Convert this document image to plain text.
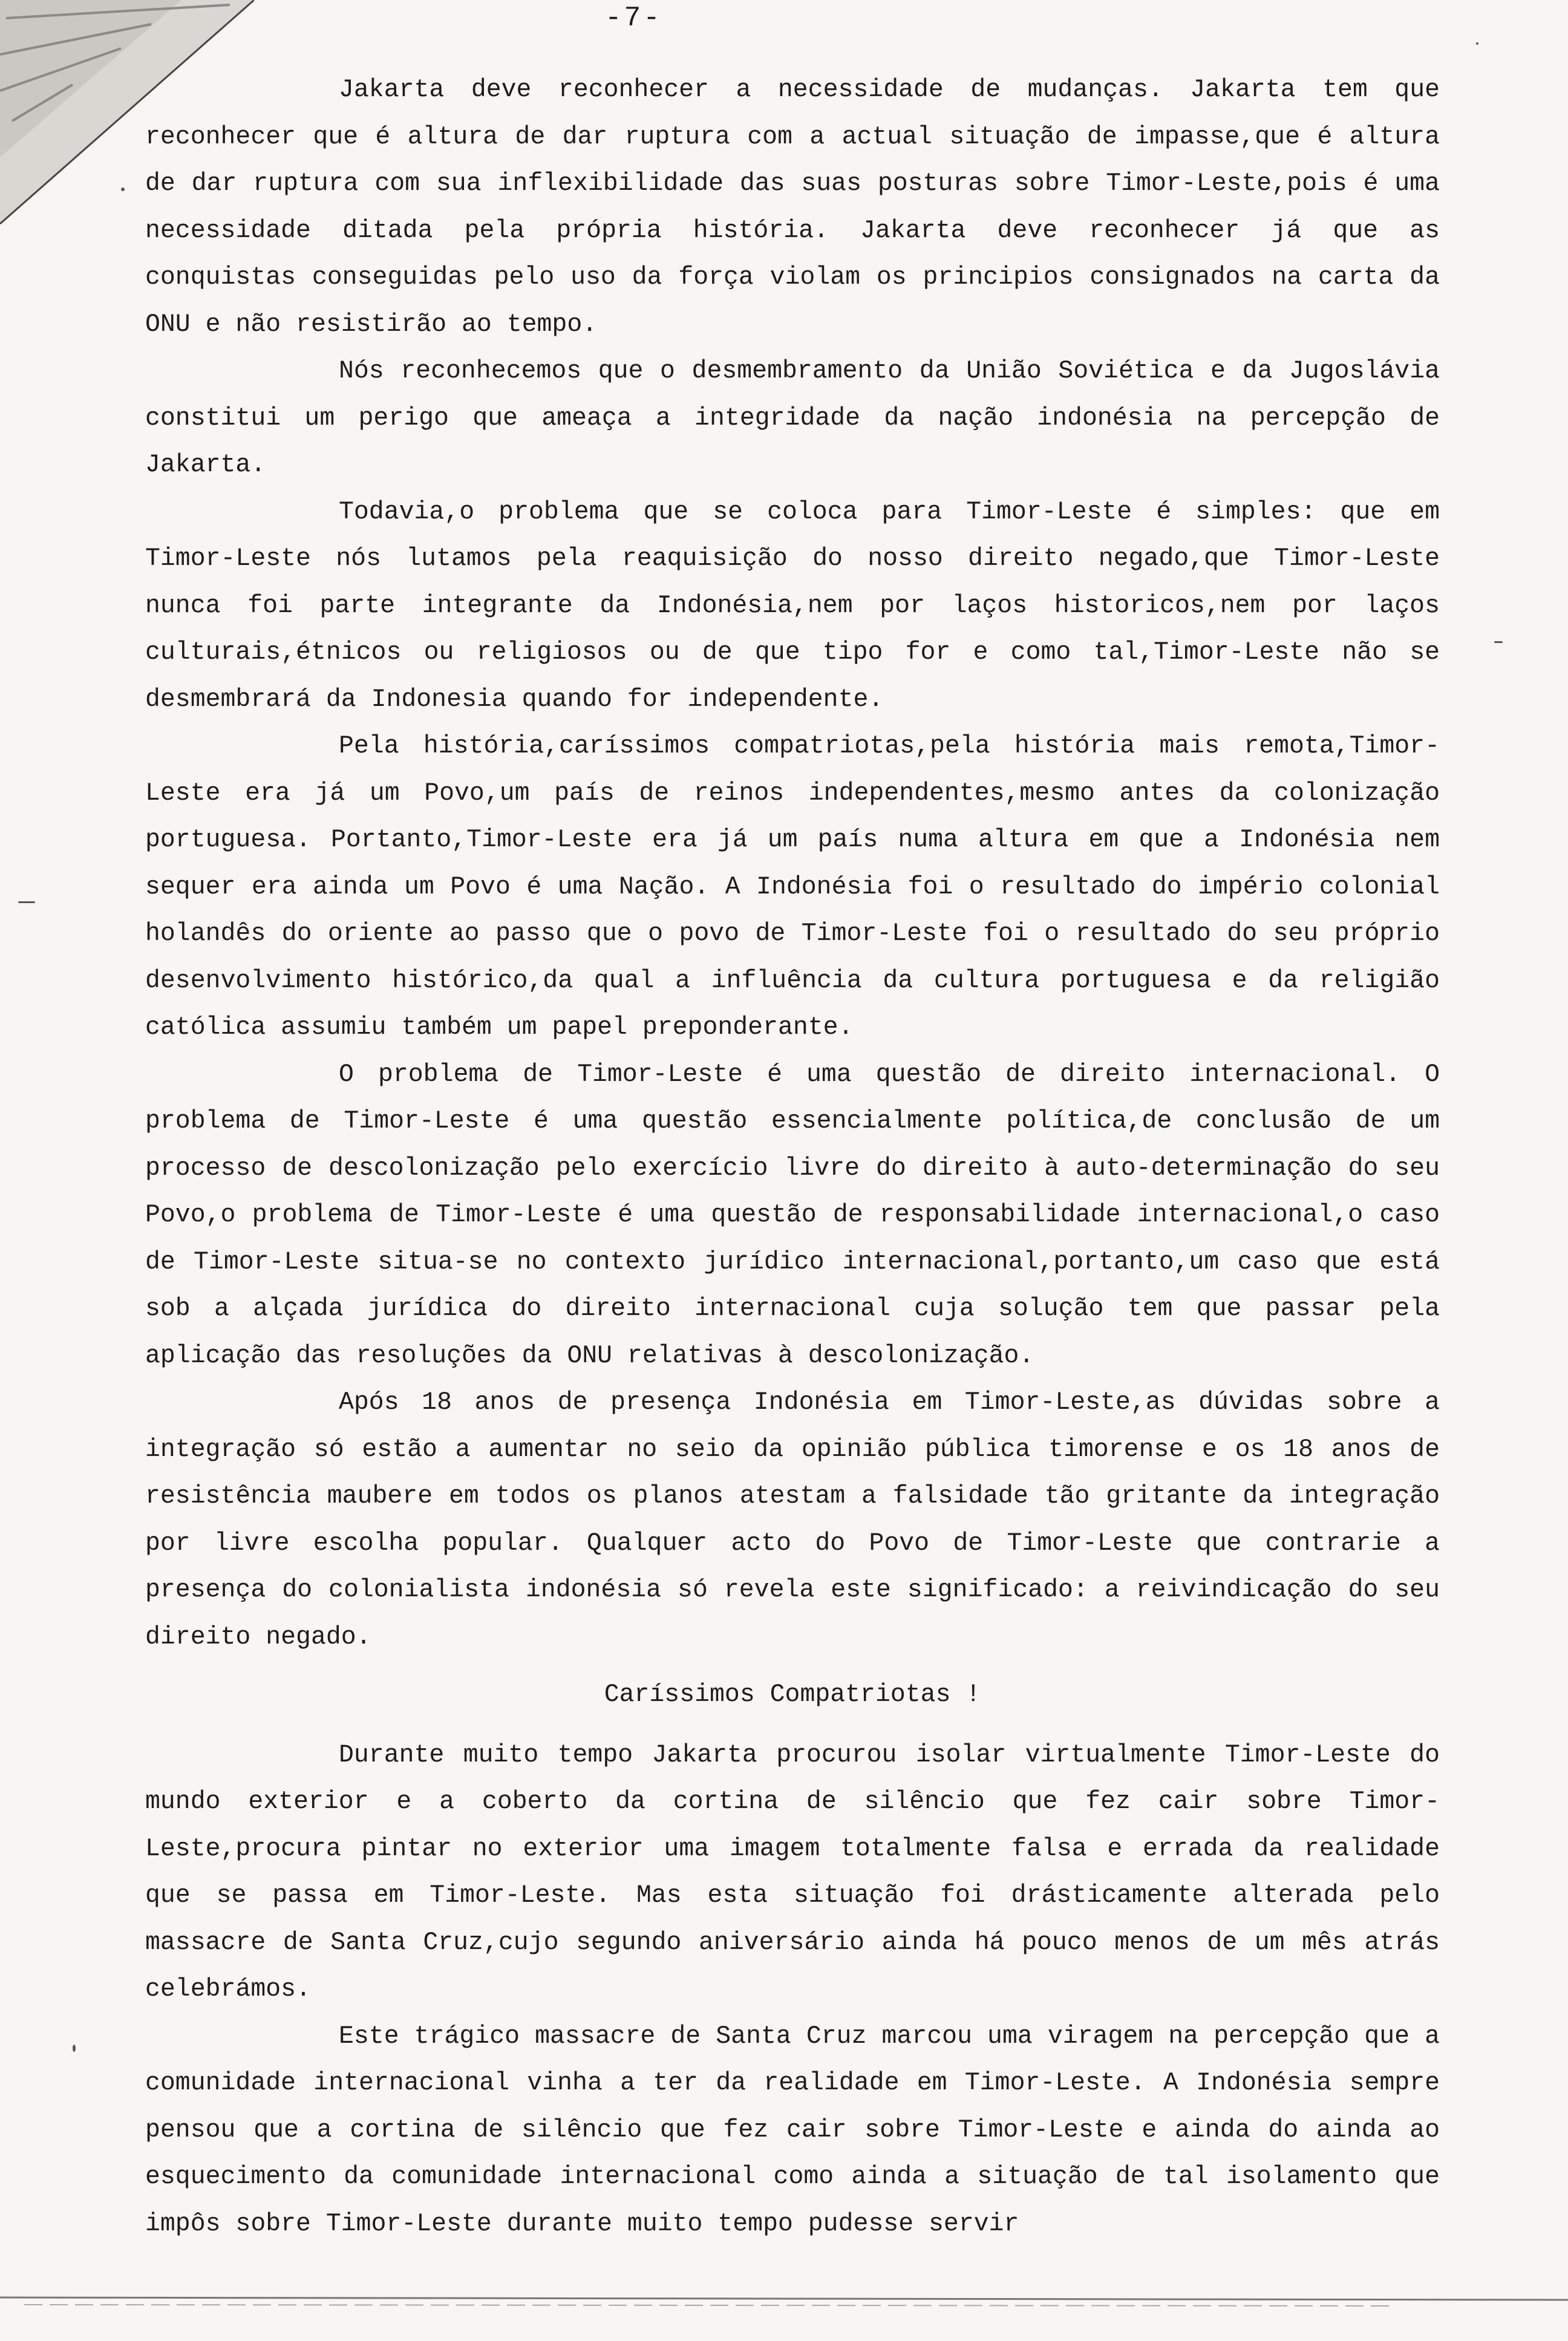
-7-

Jakarta deve reconhecer a necessidade de mudanças. Jakarta tem que reconhecer que é altura de dar ruptura com a actual situação de impasse,que é altura de dar ruptura com sua inflexibilidade das suas posturas sobre Timor-Leste,pois é uma necessidade ditada pela própria história. Jakarta deve reconhecer já que as conquistas conseguidas pelo uso da força violam os principios consignados na carta da ONU e não resistirão ao tempo.

Nós reconhecemos que o desmembramento da União Soviética e da Jugoslávia constitui um perigo que ameaça a integridade da nação indonésia na percepção de Jakarta.

Todavia,o problema que se coloca para Timor-Leste é simples: que em Timor-Leste nós lutamos pela reaquisição do nosso direito negado,que Timor-Leste nunca foi parte integrante da Indonésia,nem por laços historicos,nem por laços culturais,étnicos ou religiosos ou de que tipo for e como tal,Timor-Leste não se desmembrará da Indonesia quando for independente.

Pela história,caríssimos compatriotas,pela história mais remota,Timor-Leste era já um Povo,um país de reinos independentes,mesmo antes da colonização portuguesa. Portanto,Timor-Leste era já um país numa altura em que a Indonésia nem sequer era ainda um Povo é uma Nação. A Indonésia foi o resultado do império colonial holandês do oriente ao passo que o povo de Timor-Leste foi o resultado do seu próprio desenvolvimento histórico,da qual a influência da cultura portuguesa e da religião católica assumiu também um papel preponderante.

O problema de Timor-Leste é uma questão de direito internacional. O problema de Timor-Leste é uma questão essencialmente política,de conclusão de um processo de descolonização pelo exercício livre do direito à auto-determinação do seu Povo,o problema de Timor-Leste é uma questão de responsabilidade internacional,o caso de Timor-Leste situa-se no contexto jurídico internacional,portanto,um caso que está sob a alçada jurídica do direito internacional cuja solução tem que passar pela aplicação das resoluções da ONU relativas à descolonização.

Após 18 anos de presença Indonésia em Timor-Leste,as dúvidas sobre a integração só estão a aumentar no seio da opinião pública timorense e os 18 anos de resistência maubere em todos os planos atestam a falsidade tão gritante da integração por livre escolha popular. Qualquer acto do Povo de Timor-Leste que contrarie a presença do colonialista indonésia só revela este significado: a reivindicação do seu direito negado.

Caríssimos Compatriotas !

Durante muito tempo Jakarta procurou isolar virtualmente Timor-Leste do mundo exterior e a coberto da cortina de silêncio que fez cair sobre Timor-Leste,procura pintar no exterior uma imagem totalmente falsa e errada da realidade que se passa em Timor-Leste. Mas esta situação foi drásticamente alterada pelo massacre de Santa Cruz,cujo segundo aniversário ainda há pouco menos de um mês atrás celebrámos.

Este trágico massacre de Santa Cruz marcou uma viragem na percepção que a comunidade internacional vinha a ter da realidade em Timor-Leste. A Indonésia sempre pensou que a cortina de silêncio que fez cair sobre Timor-Leste e ainda do ainda ao esquecimento da comunidade internacional como ainda a situação de tal isolamento que impôs sobre Timor-Leste durante muito tempo pudesse servir
